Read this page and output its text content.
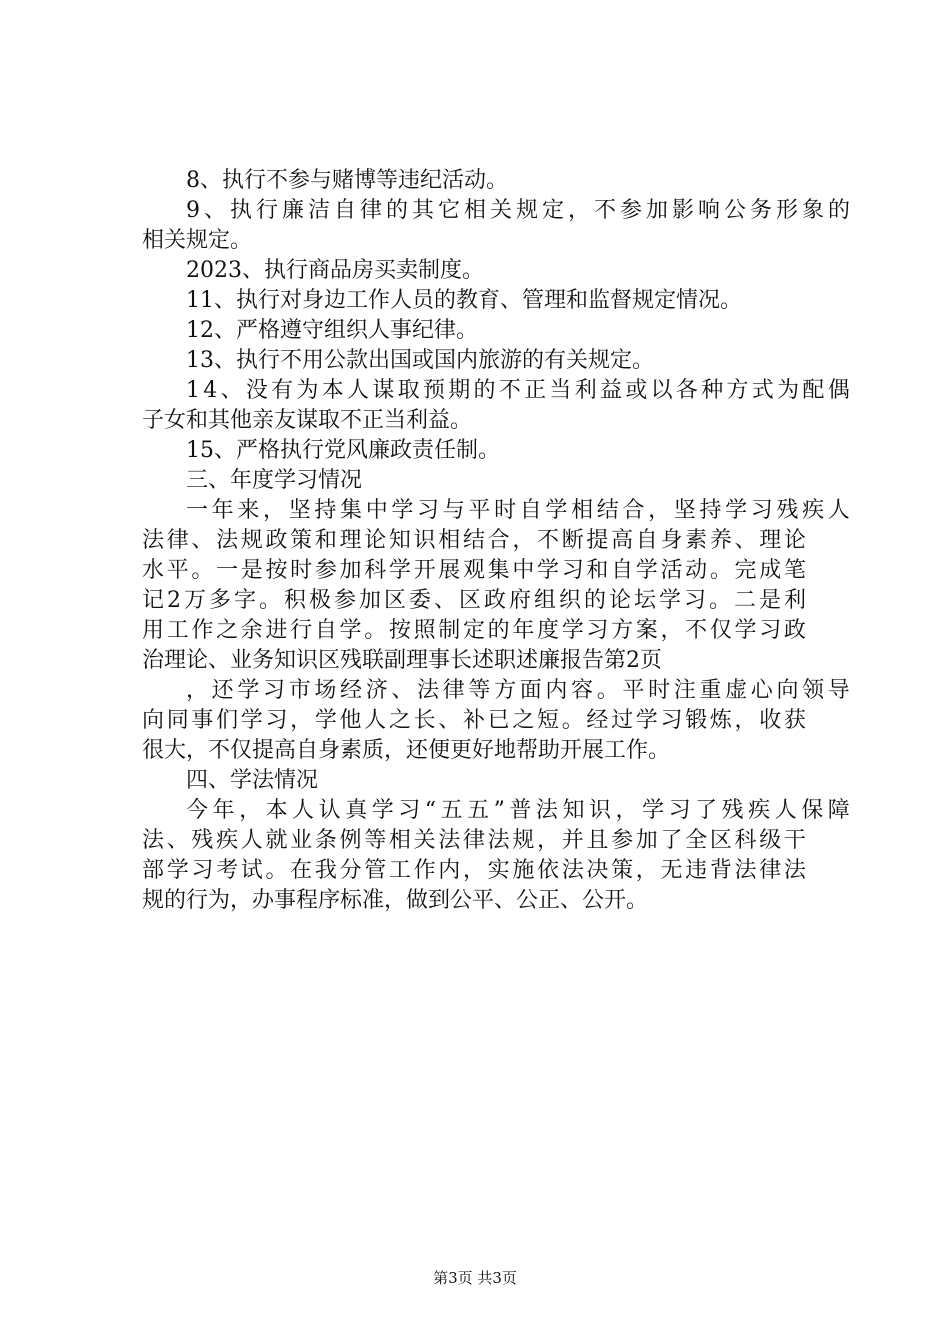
8、执行不参与赌博等违纪活动。
9 、 执 行 廉 洁 自 律 的 其 它 相 关 规 定 ， 不 参 加 影 响 公 务 形 象 的
相关规定。
2023、执行商品房买卖制度。
11、执行对身边工作人员的教育、管理和监督规定情况。
12、严格遵守组织人事纪律。
13、执行不用公款出国或国内旅游的有关规定。
1 4 、 没 有 为 本 人 谋 取 预 期 的 不 正 当 利 益 或 以 各 种 方 式 为 配 偶
子女和其他亲友谋取不正当利益。
15、严格执行党风廉政责任制。
三、年度学习情况
一 年 来 ， 坚 持 集 中 学 习 与 平 时 自 学 相 结 合 ， 坚 持 学 习 残 疾 人
法 律 、 法 规 政 策 和 理 论 知 识 相 结 合 ， 不 断 提 高 自 身 素 养 、 理 论
水 平 。 一 是 按 时 参 加 科 学 开 展 观 集 中 学 习 和 自 学 活 动 。 完 成 笔
记 2 万 多 字 。 积 极 参 加 区 委 、 区 政 府 组 织 的 论 坛 学 习 。 二 是 利
用 工 作 之 余 进 行 自 学 。 按 照 制 定 的 年 度 学 习 方 案 ， 不 仅 学 习 政
治理论、业务知识区残联副理事长述职述廉报告第2页
， 还 学 习 市 场 经 济 、 法 律 等 方 面 内 容 。 平 时 注 重 虚 心 向 领 导
向 同 事 们 学 习 ， 学 他 人 之 长 、 补 已 之 短 。 经 过 学 习 锻 炼 ， 收 获
很大，不仅提高自身素质，还便更好地帮助开展工作。
四、学法情况
今 年 ， 本 人 认 真 学 习 “ 五 五 ” 普 法 知 识 ， 学 习 了 残 疾 人 保 障
法 、 残 疾 人 就 业 条 例 等 相 关 法 律 法 规 ， 并 且 参 加 了 全 区 科 级 干
部 学 习 考 试 。 在 我 分 管 工 作 内 ， 实 施 依 法 决 策 ， 无 违 背 法 律 法
规的行为，办事程序标准，做到公平、公正、公开。
第3页 共3页
